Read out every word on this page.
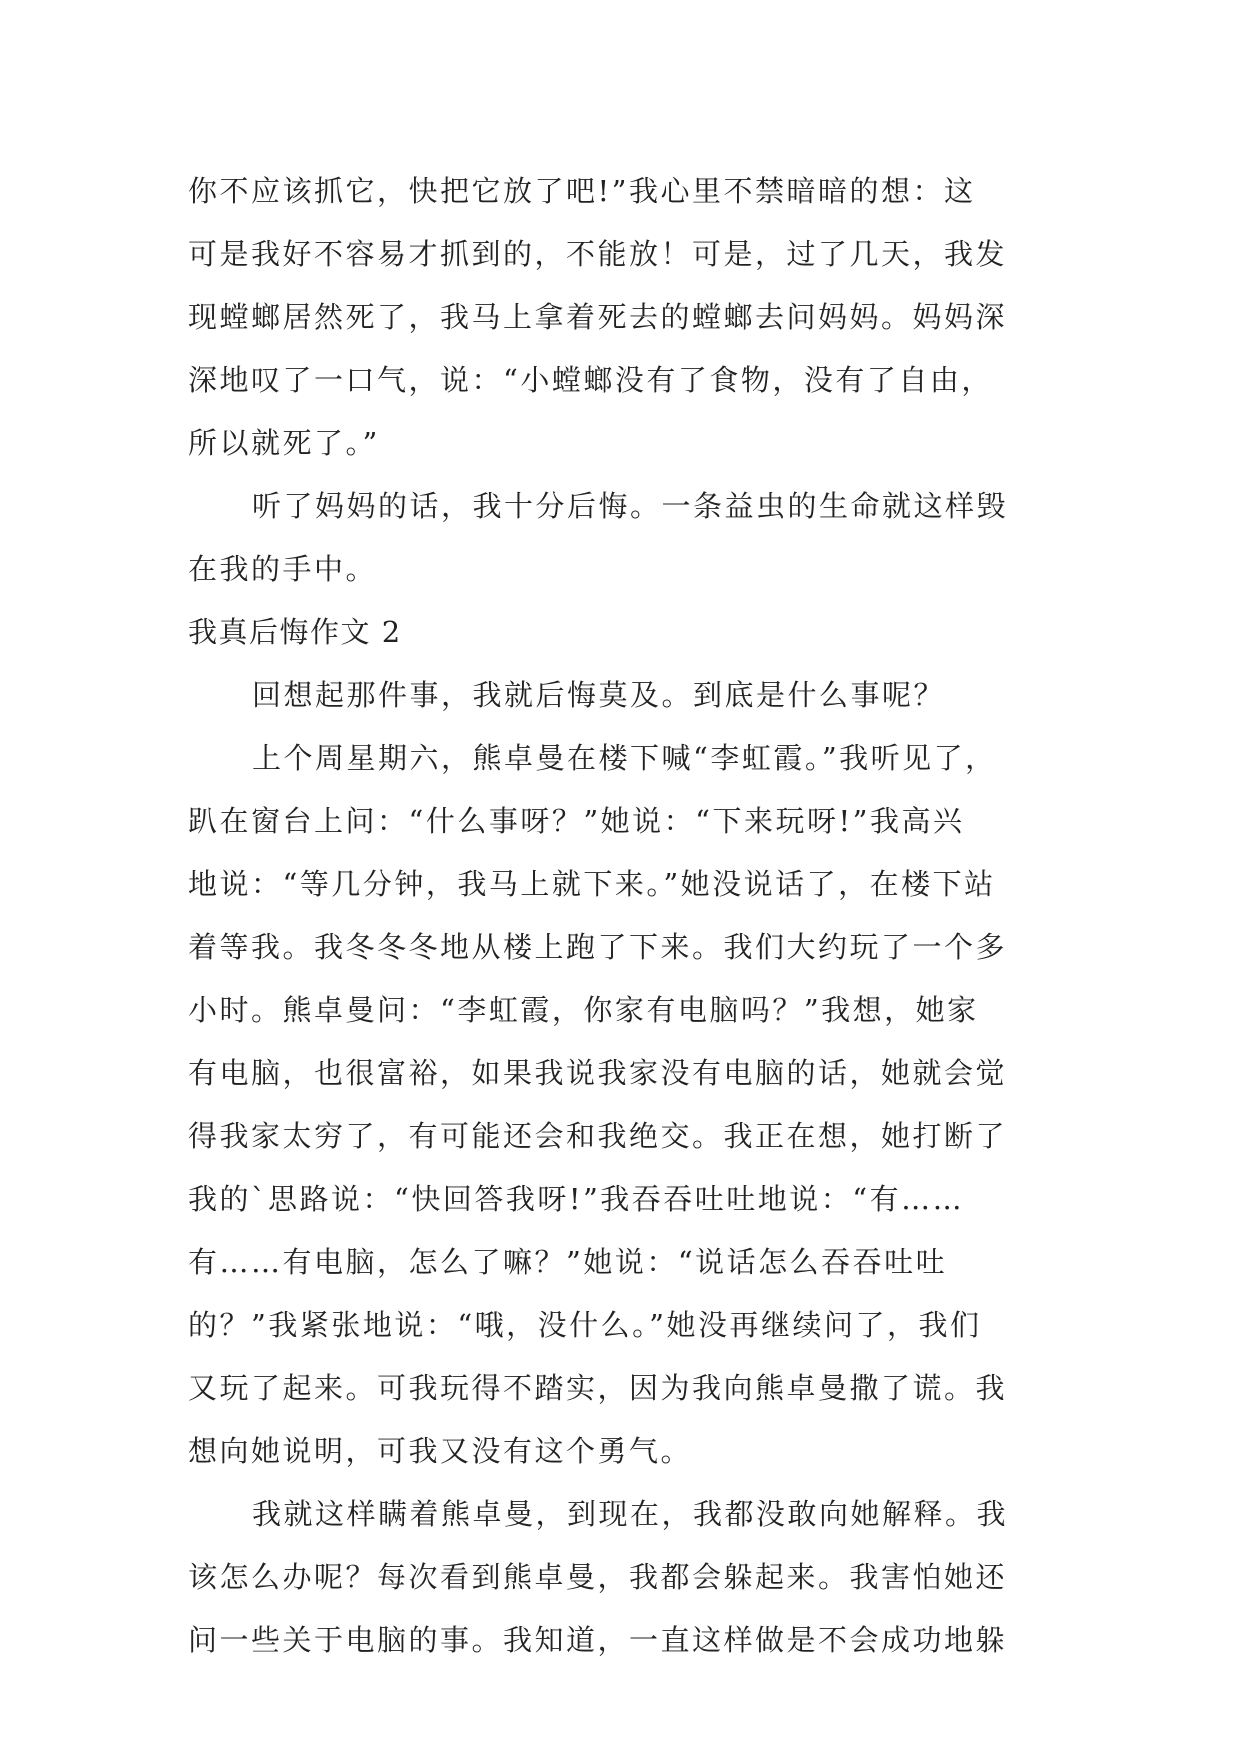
你不应该抓它，快把它放了吧!”我心里不禁暗暗的想：这
可是我好不容易才抓到的，不能放！可是，过了几天，我发
现螳螂居然死了，我马上拿着死去的螳螂去问妈妈。妈妈深
深地叹了一口气，说：“小螳螂没有了食物，没有了自由，
所以就死了。”
听了妈妈的话，我十分后悔。一条益虫的生命就这样毁
在我的手中。
我真后悔作文 2
回想起那件事，我就后悔莫及。到底是什么事呢？
上个周星期六，熊卓曼在楼下喊“李虹霞。”我听见了，
趴在窗台上问：“什么事呀？”她说：“下来玩呀!”我高兴
地说：“等几分钟，我马上就下来。”她没说话了，在楼下站
着等我。我冬冬冬地从楼上跑了下来。我们大约玩了一个多
小时。熊卓曼问：“李虹霞，你家有电脑吗？”我想，她家
有电脑，也很富裕，如果我说我家没有电脑的话，她就会觉
得我家太穷了，有可能还会和我绝交。我正在想，她打断了
我的`思路说：“快回答我呀!”我吞吞吐吐地说：“有……
有……有电脑，怎么了嘛？”她说：“说话怎么吞吞吐吐
的？”我紧张地说：“哦，没什么。”她没再继续问了，我们
又玩了起来。可我玩得不踏实，因为我向熊卓曼撒了谎。我
想向她说明，可我又没有这个勇气。
我就这样瞒着熊卓曼，到现在，我都没敢向她解释。我
该怎么办呢？每次看到熊卓曼，我都会躲起来。我害怕她还
问一些关于电脑的事。我知道，一直这样做是不会成功地躲
